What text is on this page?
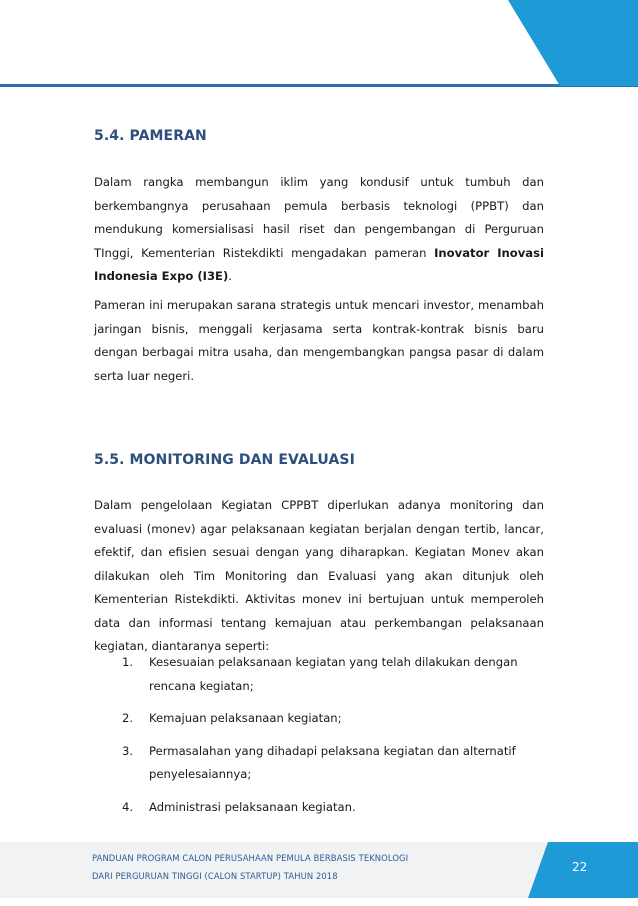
5.4. PAMERAN

Dalam rangka membangun iklim yang kondusif untuk tumbuh dan berkembangnya perusahaan pemula berbasis teknologi (PPBT) dan mendukung komersialisasi hasil riset dan pengembangan di Perguruan TInggi, Kementerian Ristekdikti mengadakan pameran Inovator Inovasi Indonesia Expo (I3E).

Pameran ini merupakan sarana strategis untuk mencari investor, menambah jaringan bisnis, menggali kerjasama serta kontrak-kontrak bisnis baru dengan berbagai mitra usaha, dan mengembangkan pangsa pasar di dalam serta luar negeri.

5.5. MONITORING DAN EVALUASI

Dalam pengelolaan Kegiatan CPPBT diperlukan adanya monitoring dan evaluasi (monev) agar pelaksanaan kegiatan berjalan dengan tertib, lancar, efektif, dan efisien sesuai dengan yang diharapkan. Kegiatan Monev akan dilakukan oleh Tim Monitoring dan Evaluasi yang akan ditunjuk oleh Kementerian Ristekdikti. Aktivitas monev ini bertujuan untuk memperoleh data dan informasi tentang kemajuan atau perkembangan pelaksanaan kegiatan, diantaranya seperti:

1. Kesesuaian pelaksanaan kegiatan yang telah dilakukan dengan rencana kegiatan;
2. Kemajuan pelaksanaan kegiatan;
3. Permasalahan yang dihadapi pelaksana kegiatan dan alternatif penyelesaiannya;
4. Administrasi pelaksanaan kegiatan.
PANDUAN PROGRAM CALON PERUSAHAAN PEMULA BERBASIS TEKNOLOGI
DARI PERGURUAN TINGGI (CALON STARTUP) TAHUN 2018
22
